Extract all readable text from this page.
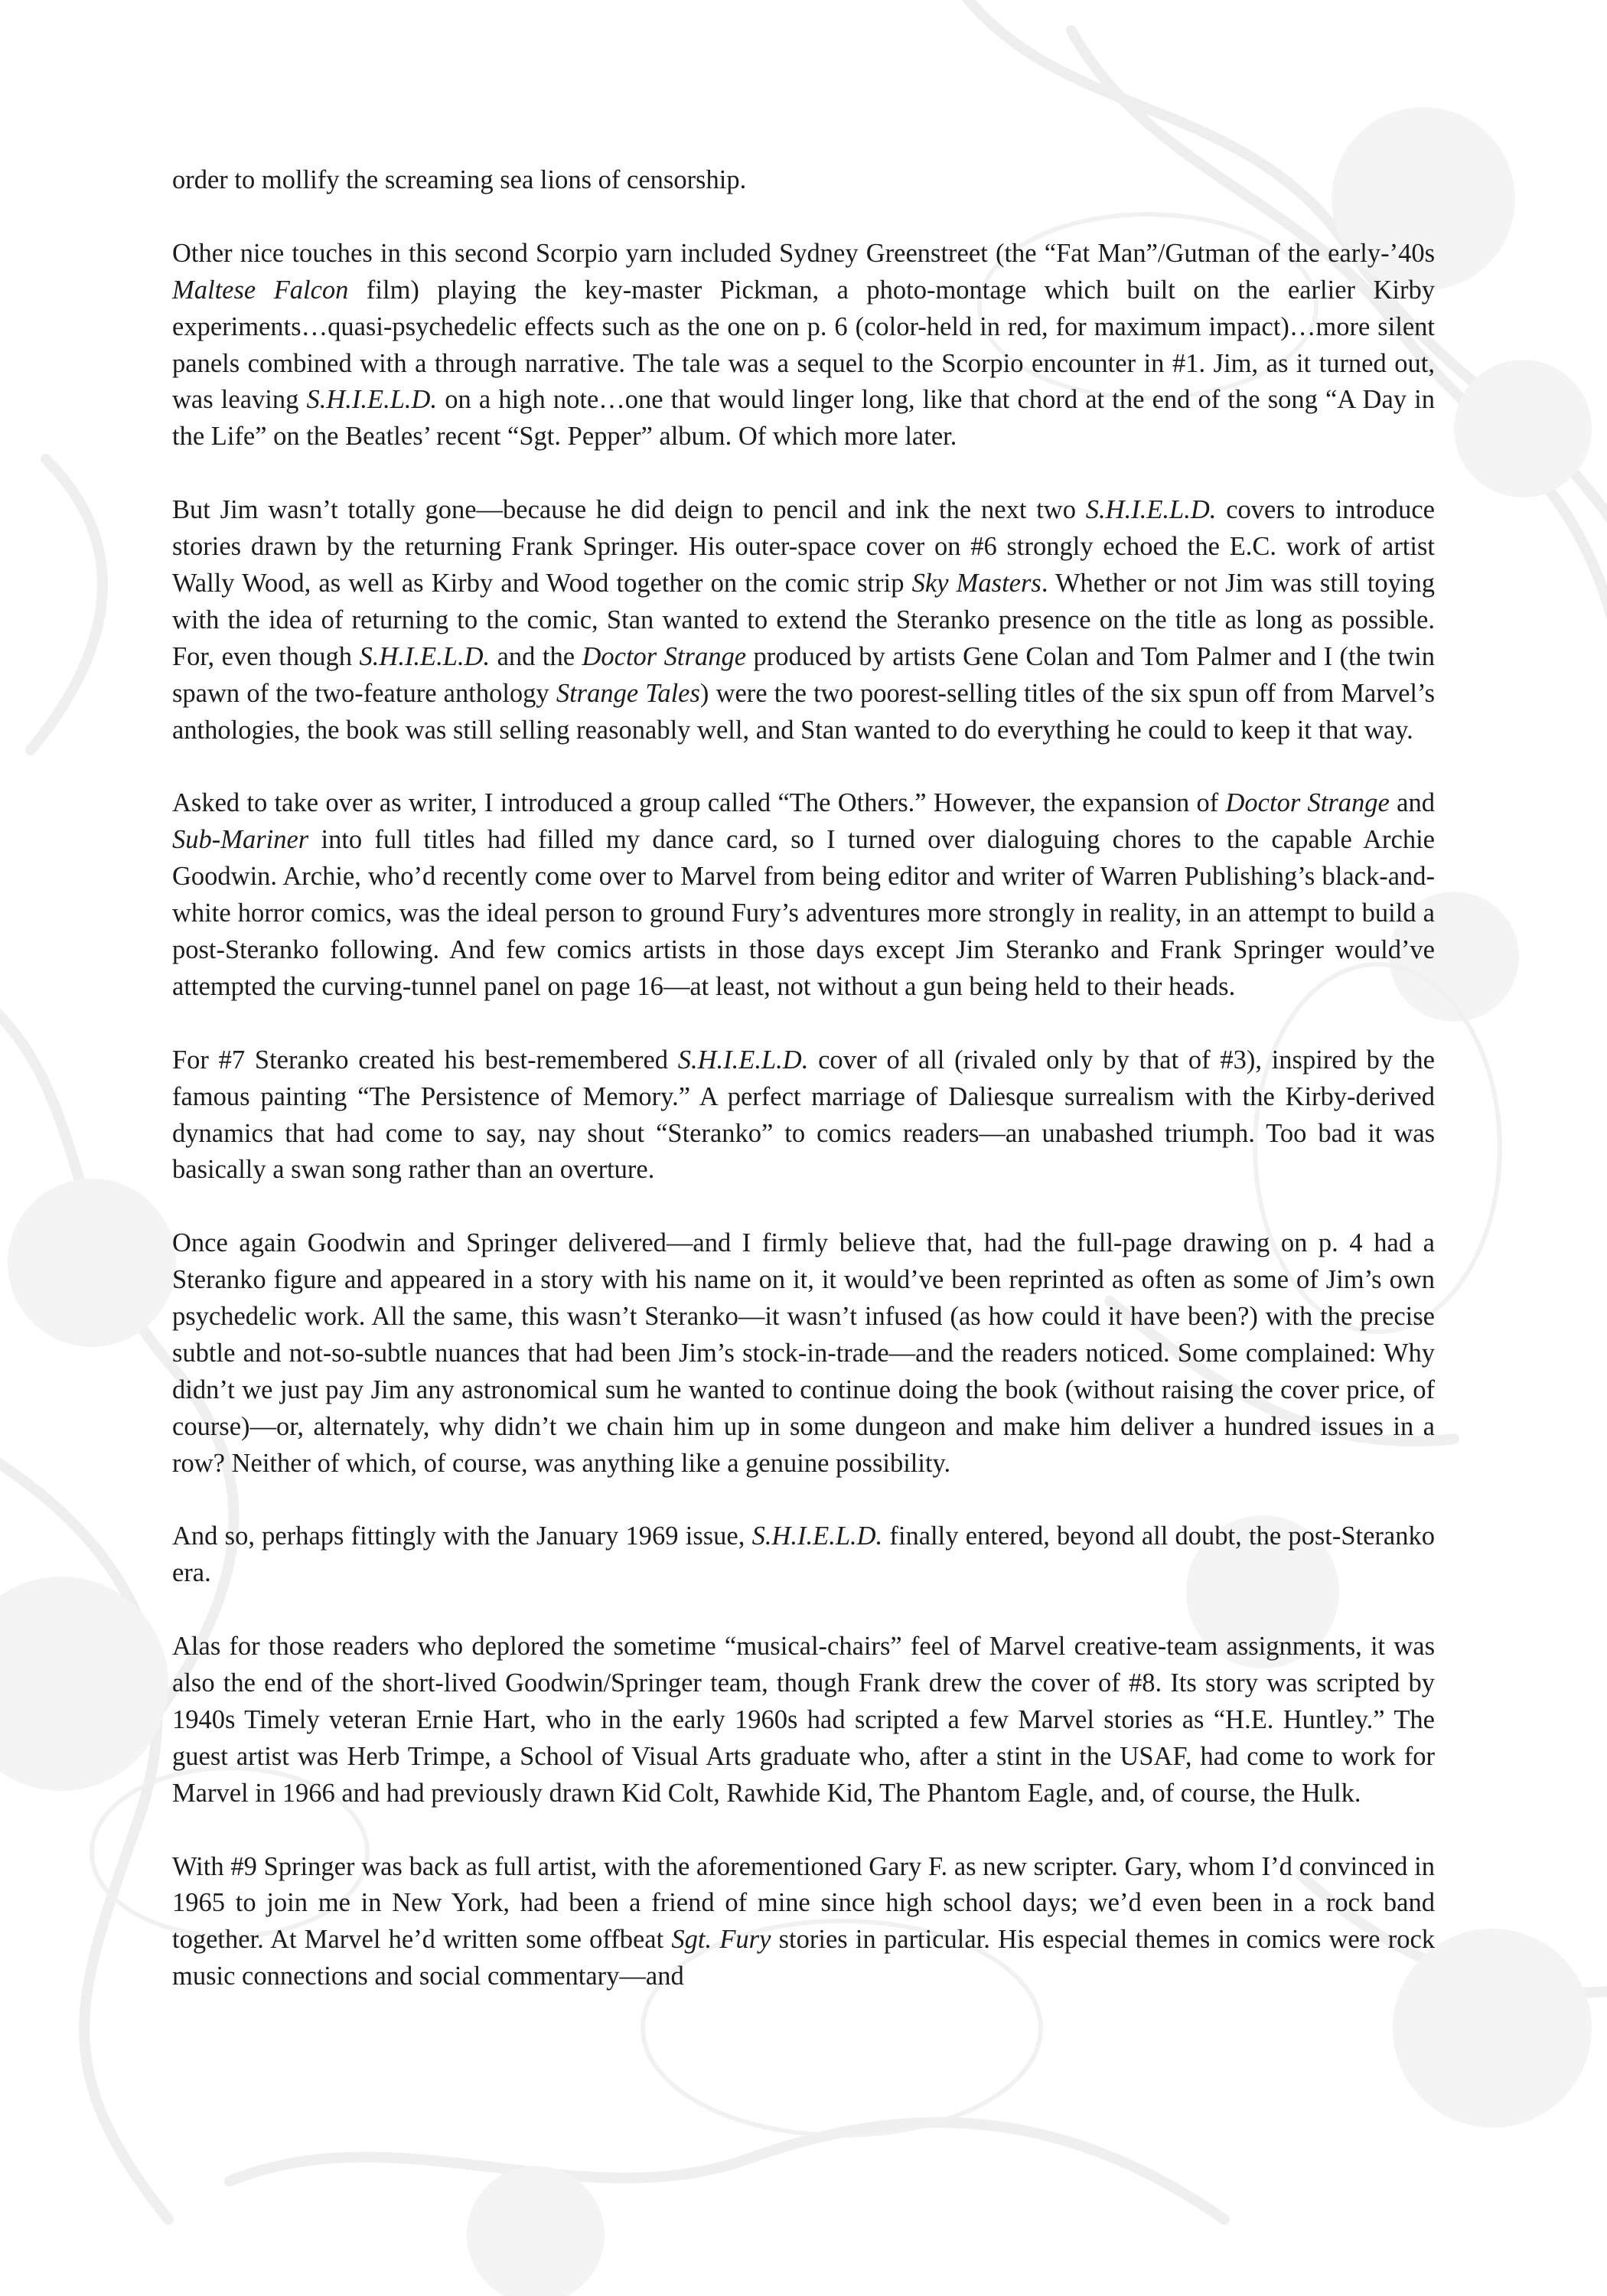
order to mollify the screaming sea lions of censorship.

Other nice touches in this second Scorpio yarn included Sydney Greenstreet (the “Fat Man”/Gutman of the early-’40s Maltese Falcon film) playing the key-master Pickman, a photo-montage which built on the earlier Kirby experiments…quasi-psychedelic effects such as the one on p. 6 (color-held in red, for maximum impact)…more silent panels combined with a through narrative. The tale was a sequel to the Scorpio encounter in #1. Jim, as it turned out, was leaving S.H.I.E.L.D. on a high note…one that would linger long, like that chord at the end of the song “A Day in the Life” on the Beatles’ recent “Sgt. Pepper” album. Of which more later.

But Jim wasn’t totally gone—because he did deign to pencil and ink the next two S.H.I.E.L.D. covers to introduce stories drawn by the returning Frank Springer. His outer-space cover on #6 strongly echoed the E.C. work of artist Wally Wood, as well as Kirby and Wood together on the comic strip Sky Masters. Whether or not Jim was still toying with the idea of returning to the comic, Stan wanted to extend the Steranko presence on the title as long as possible. For, even though S.H.I.E.L.D. and the Doctor Strange produced by artists Gene Colan and Tom Palmer and I (the twin spawn of the two-feature anthology Strange Tales) were the two poorest-selling titles of the six spun off from Marvel’s anthologies, the book was still selling reasonably well, and Stan wanted to do everything he could to keep it that way.

Asked to take over as writer, I introduced a group called “The Others.” However, the expansion of Doctor Strange and Sub-Mariner into full titles had filled my dance card, so I turned over dialoguing chores to the capable Archie Goodwin. Archie, who’d recently come over to Marvel from being editor and writer of Warren Publishing’s black-and-white horror comics, was the ideal person to ground Fury’s adventures more strongly in reality, in an attempt to build a post-Steranko following. And few comics artists in those days except Jim Steranko and Frank Springer would’ve attempted the curving-tunnel panel on page 16—at least, not without a gun being held to their heads.

For #7 Steranko created his best-remembered S.H.I.E.L.D. cover of all (rivaled only by that of #3), inspired by the famous painting “The Persistence of Memory.” A perfect marriage of Daliesque surrealism with the Kirby-derived dynamics that had come to say, nay shout “Steranko” to comics readers—an unabashed triumph. Too bad it was basically a swan song rather than an overture.

Once again Goodwin and Springer delivered—and I firmly believe that, had the full-page drawing on p. 4 had a Steranko figure and appeared in a story with his name on it, it would’ve been reprinted as often as some of Jim’s own psychedelic work. All the same, this wasn’t Steranko—it wasn’t infused (as how could it have been?) with the precise subtle and not-so-subtle nuances that had been Jim’s stock-in-trade—and the readers noticed. Some complained: Why didn’t we just pay Jim any astronomical sum he wanted to continue doing the book (without raising the cover price, of course)—or, alternately, why didn’t we chain him up in some dungeon and make him deliver a hundred issues in a row? Neither of which, of course, was anything like a genuine possibility.

And so, perhaps fittingly with the January 1969 issue, S.H.I.E.L.D. finally entered, beyond all doubt, the post-Steranko era.

Alas for those readers who deplored the sometime “musical-chairs” feel of Marvel creative-team assignments, it was also the end of the short-lived Goodwin/Springer team, though Frank drew the cover of #8. Its story was scripted by 1940s Timely veteran Ernie Hart, who in the early 1960s had scripted a few Marvel stories as “H.E. Huntley.” The guest artist was Herb Trimpe, a School of Visual Arts graduate who, after a stint in the USAF, had come to work for Marvel in 1966 and had previously drawn Kid Colt, Rawhide Kid, The Phantom Eagle, and, of course, the Hulk.

With #9 Springer was back as full artist, with the aforementioned Gary F. as new scripter. Gary, whom I’d convinced in 1965 to join me in New York, had been a friend of mine since high school days; we’d even been in a rock band together. At Marvel he’d written some offbeat Sgt. Fury stories in particular. His especial themes in comics were rock music connections and social commentary—and
